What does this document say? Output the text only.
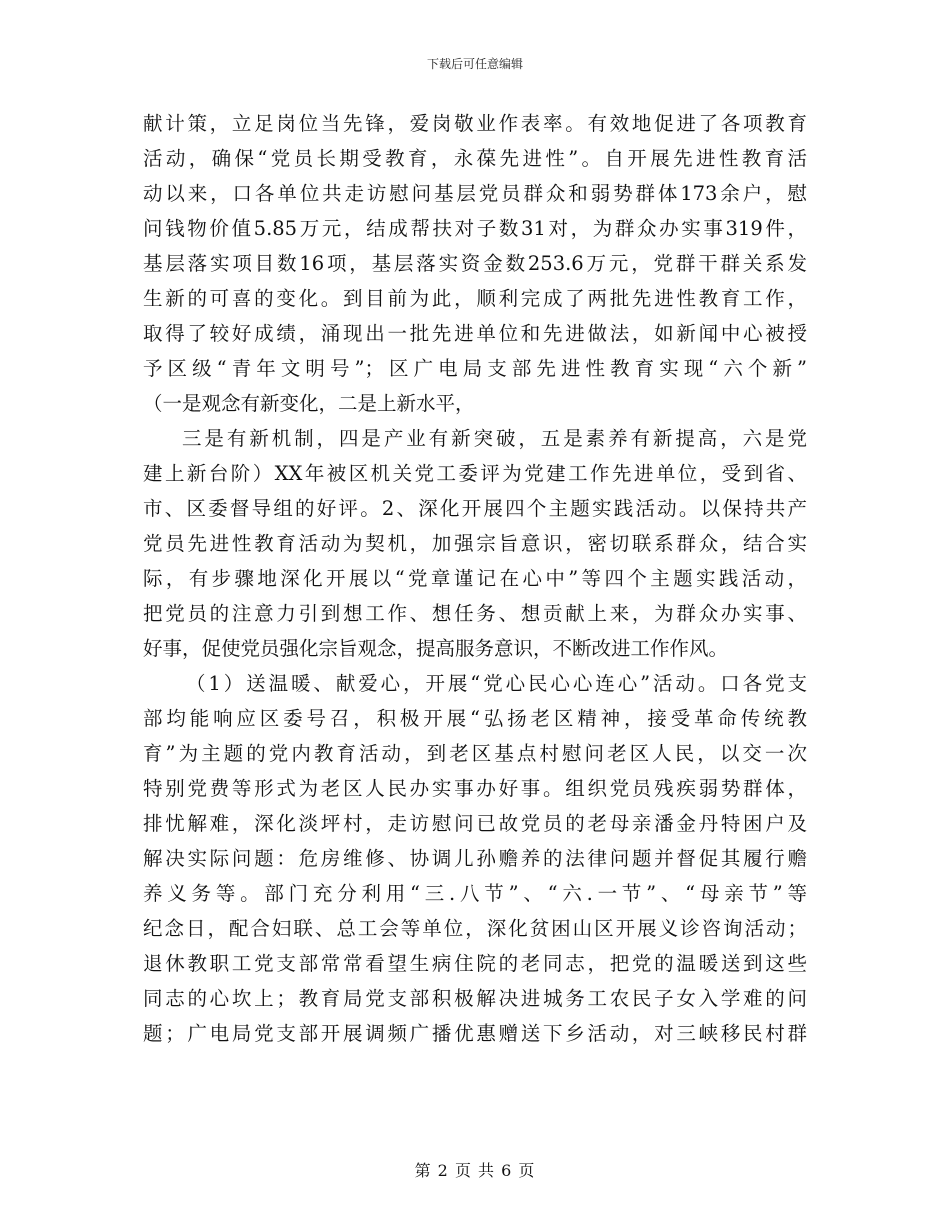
下载后可任意编辑
献计策，立足岗位当先锋，爱岗敬业作表率。有效地促进了各项教育
活动，确保“党员长期受教育，永葆先进性”。自开展先进性教育活
动以来，口各单位共走访慰问基层党员群众和弱势群体173余户，慰
问钱物价值5.85万元，结成帮扶对子数31对，为群众办实事319件，
基层落实项目数16项，基层落实资金数253.6万元，党群干群关系发
生新的可喜的变化。到目前为此，顺利完成了两批先进性教育工作，
取得了较好成绩，涌现出一批先进单位和先进做法，如新闻中心被授
予区级“青年文明号”；区广电局支部先进性教育实现“六个新”
（一是观念有新变化，二是上新水平，
三是有新机制，四是产业有新突破，五是素养有新提高，六是党
建上新台阶）XX年被区机关党工委评为党建工作先进单位，受到省、
市、区委督导组的好评。2、深化开展四个主题实践活动。以保持共产
党员先进性教育活动为契机，加强宗旨意识，密切联系群众，结合实
际，有步骤地深化开展以“党章谨记在心中”等四个主题实践活动，
把党员的注意力引到想工作、想任务、想贡献上来，为群众办实事、
好事，促使党员强化宗旨观念，提高服务意识，不断改进工作作风。
（1）送温暖、献爱心，开展“党心民心心连心”活动。口各党支
部均能响应区委号召，积极开展“弘扬老区精神，接受革命传统教
育”为主题的党内教育活动，到老区基点村慰问老区人民，以交一次
特别党费等形式为老区人民办实事办好事。组织党员残疾弱势群体，
排忧解难，深化淡坪村，走访慰问已故党员的老母亲潘金丹特困户及
解决实际问题：危房维修、协调儿孙赡养的法律问题并督促其履行赡
养义务等。部门充分利用“三.八节”、“六.一节”、“母亲节”等
纪念日，配合妇联、总工会等单位，深化贫困山区开展义诊咨询活动；
退休教职工党支部常常看望生病住院的老同志，把党的温暖送到这些
同志的心坎上；教育局党支部积极解决进城务工农民子女入学难的问
题；广电局党支部开展调频广播优惠赠送下乡活动，对三峡移民村群
第 2 页 共 6 页
